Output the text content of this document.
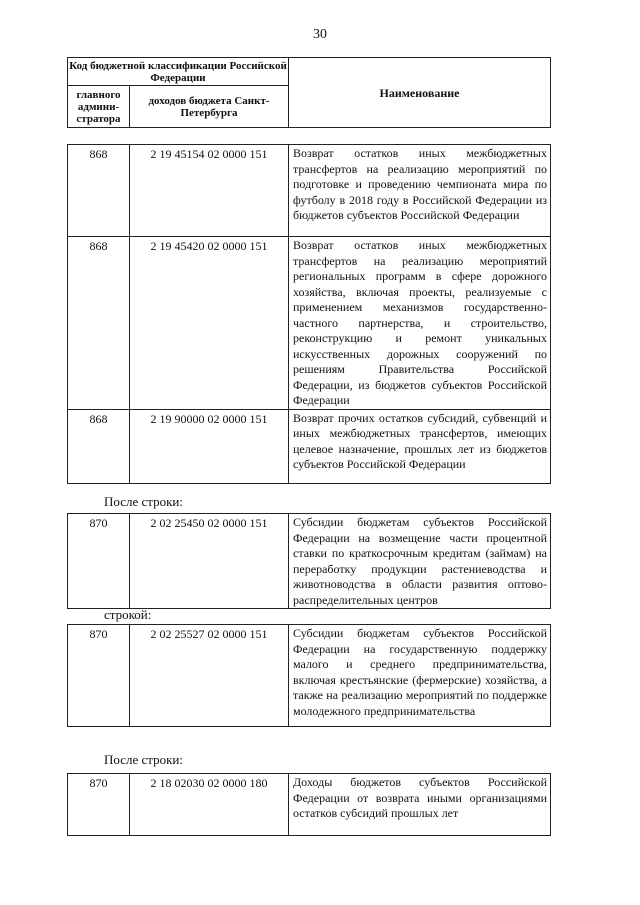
30
Код бюджетной классификации Российской Федерации		Наименование
главного админи-стратора	доходов бюджета Санкт-Петербурга	
868	2 19 45154 02 0000 151	Возврат остатков иных межбюджетных трансфертов на реализацию мероприятий по подготовке и проведению чемпионата мира по футболу в 2018 году в Российской Федерации из бюджетов субъектов Российской Федерации
868	2 19 45420 02 0000 151	Возврат остатков иных межбюджетных трансфертов на реализацию мероприятий региональных программ в сфере дорожного хозяйства, включая проекты, реализуемые с применением механизмов государственно-частного партнерства, и строительство, реконструкцию и ремонт уникальных искусственных дорожных сооружений по решениям Правительства Российской Федерации, из бюджетов субъектов Российской Федерации
868	2 19 90000 02 0000 151	Возврат прочих остатков субсидий, субвенций и иных межбюджетных трансфертов, имеющих целевое назначение, прошлых лет из бюджетов субъектов Российской Федерации
После строки:
870	2 02 25450 02 0000 151	Субсидии бюджетам субъектов Российской Федерации на возмещение части процентной ставки по краткосрочным кредитам (займам) на переработку продукции растениеводства и животноводства в области развития оптово-распределительных центров
строкой:
870	2 02 25527 02 0000 151	Субсидии бюджетам субъектов Российской Федерации на государственную поддержку малого и среднего предпринимательства, включая крестьянские (фермерские) хозяйства, а также на реализацию мероприятий по поддержке молодежного предпринимательства
После строки:
870	2 18 02030 02 0000 180	Доходы бюджетов субъектов Российской Федерации от возврата иными организациями остатков субсидий прошлых лет
